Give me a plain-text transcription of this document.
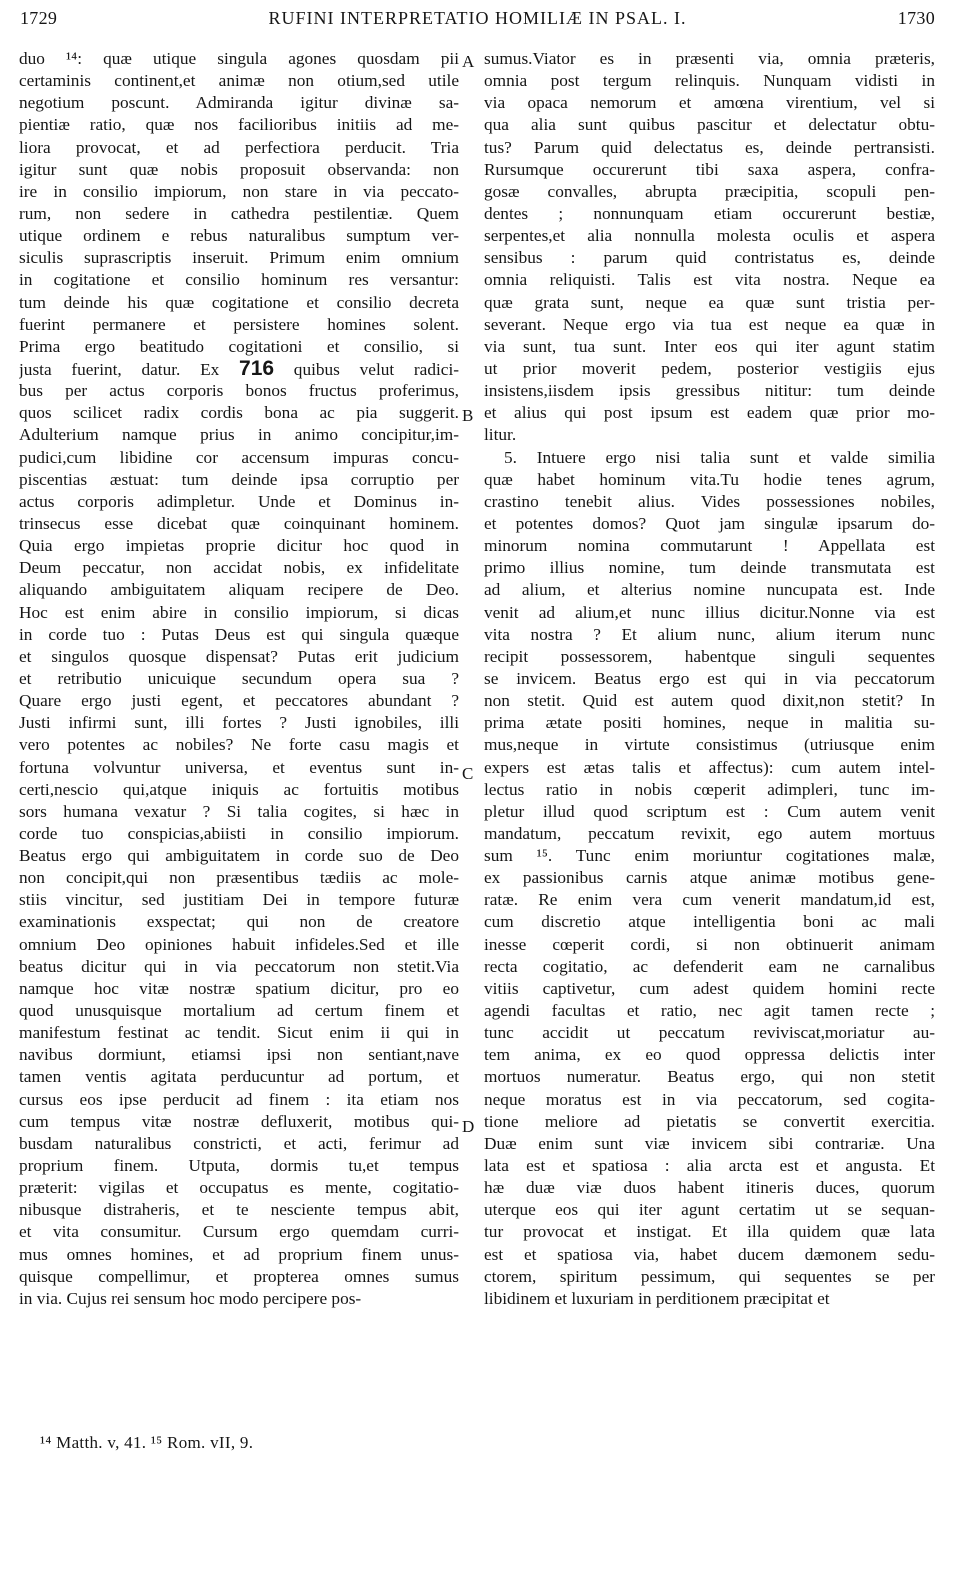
1729	RUFINI INTERPRETATIO HOMILIÆ IN PSAL. I.	1730
duo ¹⁴: quæ utique singula agones quosdam pii
certaminis continent,et animæ non otium,sed utile
negotium poscunt. Admiranda igitur divinæ sa-
pientiæ ratio, quæ nos facilioribus initiis ad me-
liora provocat, et ad perfectiora perducit. Tria
igitur sunt quæ nobis proposuit observanda: non
ire in consilio impiorum, non stare in via peccato-
rum, non sedere in cathedra pestilentiæ. Quem
utique ordinem e rebus naturalibus sumptum ver-
siculis suprascriptis inseruit. Primum enim omnium
in cogitatione et consilio hominum res versantur:
tum deinde his quæ cogitatione et consilio decreta
fuerint permanere et persistere homines solent.
Prima ergo beatitudo cogitationi et consilio, si
justa fuerint, datur. Ex 716 quibus velut radici-
bus per actus corporis bonos fructus proferimus,
quos scilicet radix cordis bona ac pia suggerit.
Adulterium namque prius in animo concipitur,im-
pudici,cum libidine cor accensum impuras concu-
piscentias æstuat: tum deinde ipsa corruptio per
actus corporis adimpletur. Unde et Dominus in-
trinsecus esse dicebat quæ coinquinant hominem.
Quia ergo impietas proprie dicitur hoc quod in
Deum peccatur, non accidat nobis, ex infidelitate
aliquando ambiguitatem aliquam recipere de Deo.
Hoc est enim abire in consilio impiorum, si dicas
in corde tuo : Putas Deus est qui singula quæque
et singulos quosque dispensat? Putas erit judicium
et retributio unicuique secundum opera sua ?
Quare ergo justi egent, et peccatores abundant ?
Justi infirmi sunt, illi fortes ? Justi ignobiles, illi
vero potentes ac nobiles? Ne forte casu magis et
fortuna volvuntur universa, et eventus sunt in-
certi,nescio qui,atque iniquis ac fortuitis motibus
sors humana vexatur ? Si talia cogites, si hæc in
corde tuo conspicias,abiisti in consilio impiorum.
Beatus ergo qui ambiguitatem in corde suo de Deo
non concipit,qui non præsentibus tædiis ac mole-
stiis vincitur, sed justitiam Dei in tempore futuræ
examinationis exspectat; qui non de creatore
omnium Deo opiniones habuit infideles.Sed et ille
beatus dicitur qui in via peccatorum non stetit.Via
namque hoc vitæ nostræ spatium dicitur, pro eo
quod unusquisque mortalium ad certum finem et
manifestum festinat ac tendit. Sicut enim ii qui in
navibus dormiunt, etiamsi ipsi non sentiant,nave
tamen ventis agitata perducuntur ad portum, et
cursus eos ipse perducit ad finem : ita etiam nos
cum tempus vitæ nostræ defluxerit, motibus qui-
busdam naturalibus constricti, et acti, ferimur ad
proprium finem. Utputa, dormis tu,et tempus
præterit: vigilas et occupatus es mente, cogitatio-
nibusque distraheris, et te nesciente tempus abit,
et vita consumitur. Cursum ergo quemdam curri-
mus omnes homines, et ad proprium finem unus-
quisque compellimur, et propterea omnes sumus
in via. Cujus rei sensum hoc modo percipere pos-
sumus.Viator es in præsenti via, omnia præteris,
omnia post tergum relinquis. Nunquam vidisti in
via opaca nemorum et amœna virentium, vel si
qua alia sunt quibus pascitur et delectatur obtu-
tus? Parum quid delectatus es, deinde pertransisti.
Rursumque occurerunt tibi saxa aspera, confra-
gosæ convalles, abrupta præcipitia, scopuli pen-
dentes ; nonnunquam etiam occurerunt bestiæ,
serpentes,et alia nonnulla molesta oculis et aspera
sensibus : parum quid contristatus es, deinde
omnia reliquisti. Talis est vita nostra. Neque ea
quæ grata sunt, neque ea quæ sunt tristia per-
severant. Neque ergo via tua est neque ea quæ in
via sunt, tua sunt. Inter eos qui iter agunt statim
ut prior moverit pedem, posterior vestigiis ejus
insistens,iisdem ipsis gressibus nititur: tum deinde
et alius qui post ipsum est eadem quæ prior mo-
litur.
5. Intuere ergo nisi talia sunt et valde similia
quæ habet hominum vita.Tu hodie tenes agrum,
crastino tenebit alius. Vides possessiones nobiles,
et potentes domos? Quot jam singulæ ipsarum do-
minorum nomina commutarunt ! Appellata est
primo illius nomine, tum deinde transmutata est
ad alium, et alterius nomine nuncupata est. Inde
venit ad alium,et nunc illius dicitur.Nonne via est
vita nostra ? Et alium nunc, alium iterum nunc
recipit possessorem, habentque singuli sequentes
se invicem. Beatus ergo est qui in via peccatorum
non stetit. Quid est autem quod dixit,non stetit? In
prima ætate positi homines, neque in malitia su-
mus,neque in virtute consistimus (utriusque enim
expers est ætas talis et affectus): cum autem intel-
lectus ratio in nobis cœperit adimpleri, tunc im-
pletur illud quod scriptum est : Cum autem venit
mandatum, peccatum revixit, ego autem mortuus
sum ¹⁵. Tunc enim moriuntur cogitationes malæ,
ex passionibus carnis atque animæ motibus gene-
ratæ. Re enim vera cum venerit mandatum,id est,
cum discretio atque intelligentia boni ac mali
inesse cœperit cordi, si non obtinuerit animam
recta cogitatio, ac defenderit eam ne carnalibus
vitiis captivetur, cum adest quidem homini recte
agendi facultas et ratio, nec agit tamen recte ;
tunc accidit ut peccatum reviviscat,moriatur au-
tem anima, ex eo quod oppressa delictis inter
mortuos numeratur. Beatus ergo, qui non stetit
neque moratus est in via peccatorum, sed cogita-
tione meliore ad pietatis se convertit exercitia.
Duæ enim sunt viæ invicem sibi contrariæ. Una
lata est et spatiosa : alia arcta est et angusta. Et
hæ duæ viæ duos habent itineris duces, quorum
uterque eos qui iter agunt certatim ut se sequan-
tur provocat et instigat. Et illa quidem quæ lata
est et spatiosa via, habet ducem dæmonem sedu-
ctorem, spiritum pessimum, qui sequentes se per
libidinem et luxuriam in perditionem præcipitat et
A
B
C
D
¹⁴ Matth. v, 41. ¹⁵ Rom. vII, 9.
